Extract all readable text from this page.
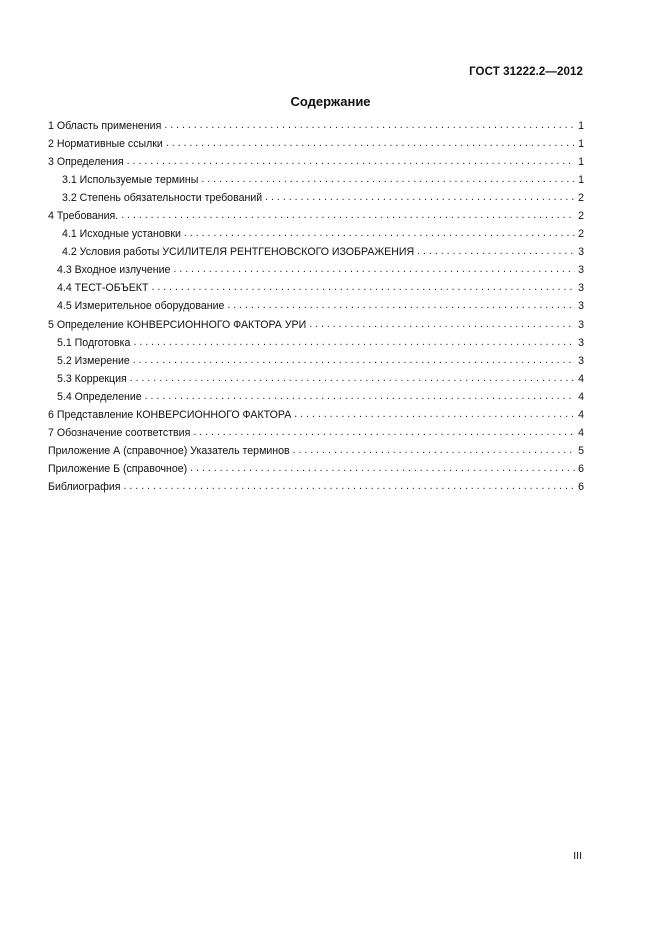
ГОСТ 31222.2—2012
Содержание
1 Область применения . . .	1
2 Нормативные ссылки . . .	1
3 Определения . . .	1
3.1 Используемые термины . . .	1
3.2 Степень обязательности требований . . .	2
4 Требования. . . .	2
4.1 Исходные установки . . .	2
4.2 Условия работы УСИЛИТЕЛЯ РЕНТГЕНОВСКОГО ИЗОБРАЖЕНИЯ . . .	3
4.3 Входное излучение . . .	3
4.4 ТЕСТ-ОБЪЕКТ . . .	3
4.5 Измерительное оборудование . . .	3
5 Определение КОНВЕРСИОННОГО ФАКТОРА УРИ . . .	3
5.1 Подготовка . . .	3
5.2 Измерение . . .	3
5.3 Коррекция . . .	4
5.4 Определение . . .	4
6 Представление КОНВЕРСИОННОГО ФАКТОРА . . .	4
7 Обозначение соответствия . . .	4
Приложение А (справочное) Указатель терминов . . .	5
Приложение Б (справочное) . . .	6
Библиография . . .	6
III
